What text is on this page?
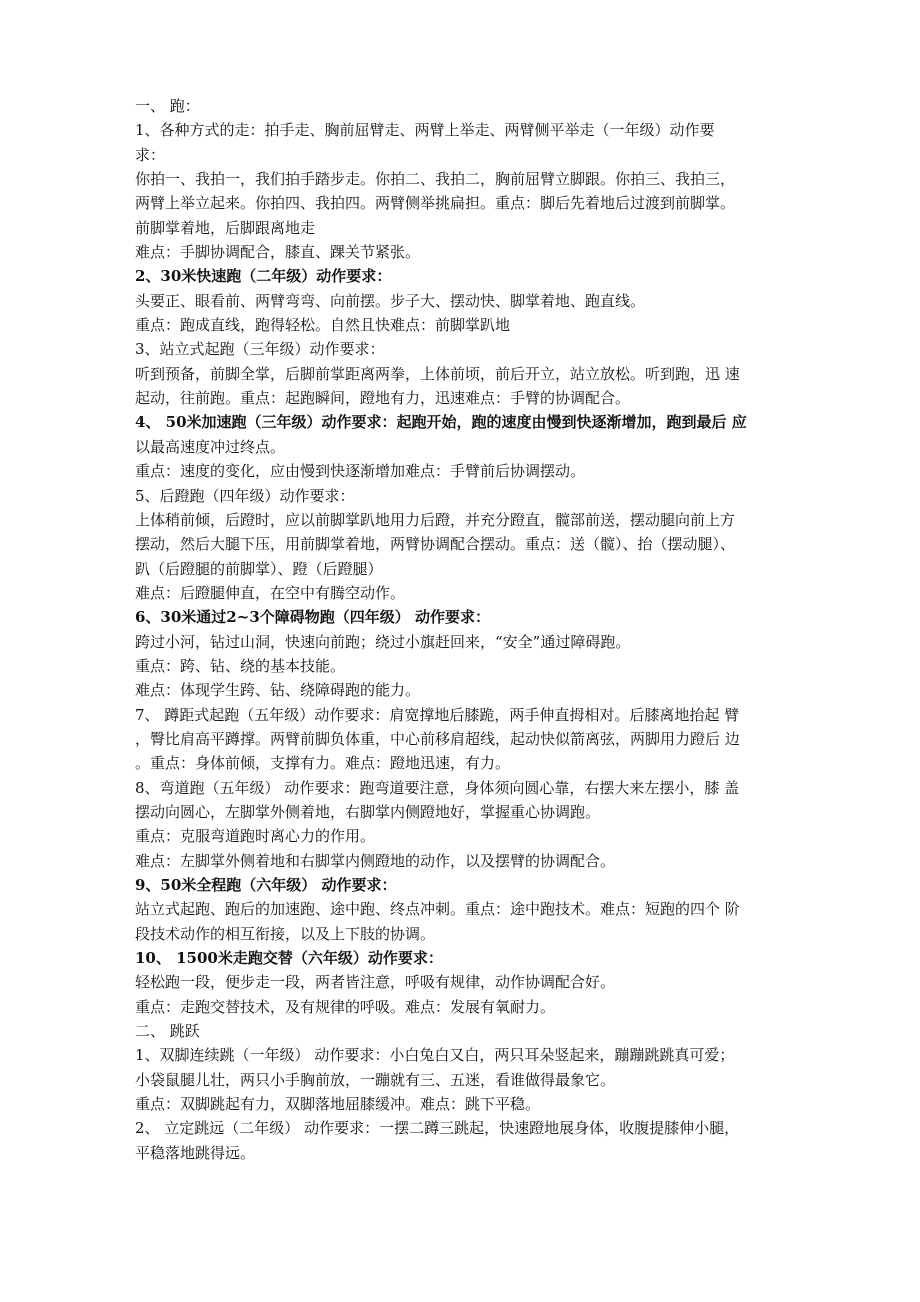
一、 跑：
1、各种方式的走：拍手走、胸前屈臂走、两臂上举走、两臂侧平举走（一年级）动作要
求：
你拍一、我拍一，我们拍手踏步走。你拍二、我拍二，胸前屈臂立脚跟。你拍三、我拍三，
两臂上举立起来。你拍四、我拍四。两臂侧举挑扁担。重点：脚后先着地后过渡到前脚掌。
前脚掌着地，后脚跟离地走
难点：手脚协调配合，膝直、踝关节紧张。
2、30米快速跑（二年级）动作要求：
头要正、眼看前、两臂弯弯、向前摆。步子大、摆动快、脚掌着地、跑直线。
重点：跑成直线，跑得轻松。自然且快难点：前脚掌趴地
3、站立式起跑（三年级）动作要求：
听到预备，前脚全掌，后脚前掌距离两拳，上体前顷，前后开立，站立放松。听到跑，迅 速
起动，往前跑。重点：起跑瞬间，蹬地有力，迅速难点：手臂的协调配合。
4、 50米加速跑（三年级）动作要求：起跑开始，跑的速度由慢到快逐渐增加，跑到最后 应
以最高速度冲过终点。
重点：速度的变化，应由慢到快逐渐增加难点：手臂前后协调摆动。
5、后蹬跑（四年级）动作要求：
上体稍前倾，后蹬时，应以前脚掌趴地用力后蹬，并充分蹬直，髋部前送，摆动腿向前上方
摆动，然后大腿下压，用前脚掌着地，两臂协调配合摆动。重点：送（髋）、抬（摆动腿）、
趴（后蹬腿的前脚掌）、蹬（后蹬腿）
难点：后蹬腿伸直，在空中有腾空动作。
6、30米通过2~3个障碍物跑（四年级） 动作要求：
跨过小河，钻过山洞，快速向前跑；绕过小旗赶回来，“安全”通过障碍跑。
重点：跨、钻、绕的基本技能。
难点：体现学生跨、钻、绕障碍跑的能力。
7、 蹲距式起跑（五年级）动作要求：肩宽撑地后膝跪，两手伸直拇相对。后膝离地抬起 臂
，臀比肩高平蹲撑。两臂前脚负体重，中心前移肩超线，起动快似箭离弦，两脚用力蹬后 边
。重点：身体前倾，支撑有力。难点：蹬地迅速，有力。
8、弯道跑（五年级） 动作要求：跑弯道要注意，身体须向圆心靠，右摆大来左摆小，膝 盖
摆动向圆心，左脚掌外侧着地，右脚掌内侧蹬地好，掌握重心协调跑。
重点：克服弯道跑时离心力的作用。
难点：左脚掌外侧着地和右脚掌内侧蹬地的动作，以及摆臂的协调配合。
9、50米全程跑（六年级） 动作要求：
站立式起跑、跑后的加速跑、途中跑、终点冲刺。重点：途中跑技术。难点：短跑的四个 阶
段技术动作的相互衔接，以及上下肢的协调。
10、 1500米走跑交替（六年级）动作要求：
轻松跑一段，便步走一段，两者皆注意，呼吸有规律，动作协调配合好。
重点：走跑交替技术，及有规律的呼吸。难点：发展有氧耐力。
二、 跳跃
1、双脚连续跳（一年级） 动作要求：小白兔白又白，两只耳朵竖起来，蹦蹦跳跳真可爱；
小袋鼠腿儿壮，两只小手胸前放，一蹦就有三、五迷，看谁做得最象它。
重点：双脚跳起有力，双脚落地屈膝缓冲。难点：跳下平稳。
2、 立定跳远（二年级） 动作要求：一摆二蹲三跳起，快速蹬地展身体，收腹提膝伸小腿，
平稳落地跳得远。
